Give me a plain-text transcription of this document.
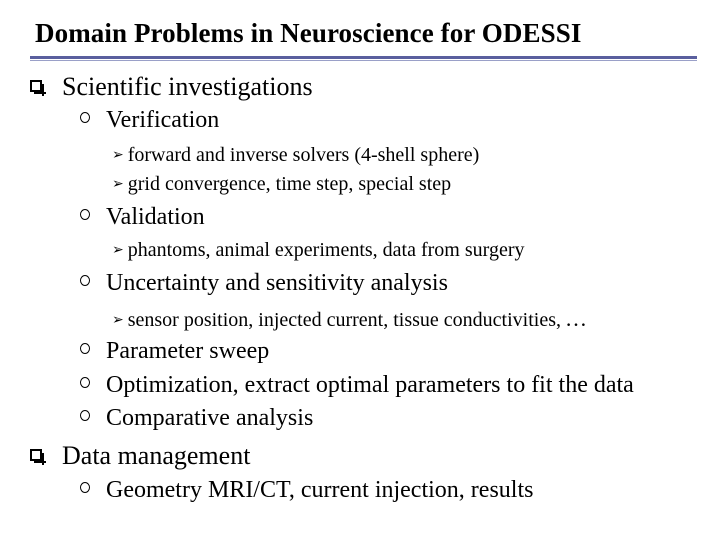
Domain Problems in Neuroscience for ODESSI
Scientific investigations
Verification
➢ forward and inverse solvers (4-shell sphere)
➢ grid convergence, time step, special step
Validation
➢ phantoms, animal experiments, data from surgery
Uncertainty and sensitivity analysis
➢ sensor position, injected current, tissue conductivities, …
Parameter sweep
Optimization, extract optimal parameters to fit the data
Comparative analysis
Data management
Geometry MRI/CT, current injection, results
